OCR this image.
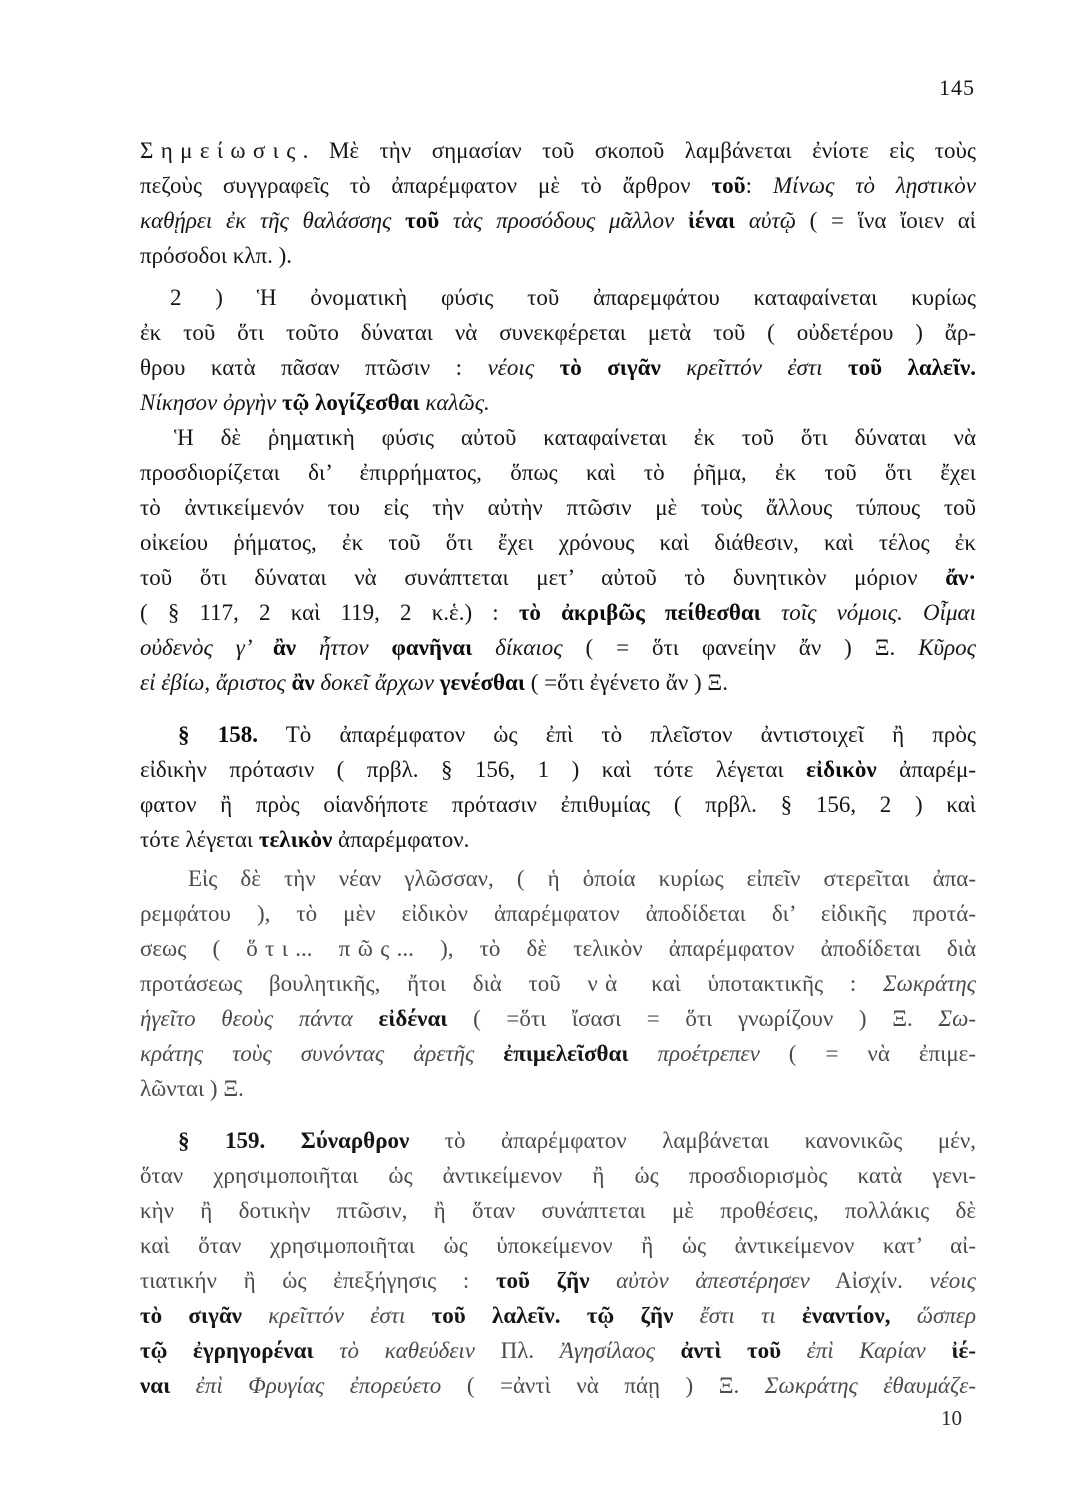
145
Σημείωσις. Μὲ τὴν σημασίαν τοῦ σκοποῦ λαμβάνεται ἐνίοτε εἰς τοὺς
πεζοὺς συγγραφεῖς τὸ ἀπαρέμφατον μὲ τὸ ἄρθρον τοῦ: Μίνως τὸ λῃστικὸν
καθῄρει ἐκ τῆς θαλάσσης τοῦ τὰς προσόδους μᾶλλον ἰέναι αὐτῷ ( = ἵνα ἴοιεν αἱ
πρόσοδοι κλπ. ).
2 ) Ἡ ὀνοματικὴ φύσις τοῦ ἀπαρεμφάτου καταφαίνεται κυρίως
ἐκ τοῦ ὅτι τοῦτο δύναται νὰ συνεκφέρεται μετὰ τοῦ ( οὐδετέρου ) ἄρ-
θρου κατὰ πᾶσαν πτῶσιν : νέοις τὸ σιγᾶν κρεῖττόν ἐστι τοῦ λαλεῖν.
Νίκησον ὀργὴν τῷ λογίζεσθαι καλῶς.
Ἡ δὲ ῥηματικὴ φύσις αὐτοῦ καταφαίνεται ἐκ τοῦ ὅτι δύναται νὰ
προσδιορίζεται δι’ ἐπιρρήματος, ὅπως καὶ τὸ ῥῆμα, ἐκ τοῦ ὅτι ἔχει
τὸ ἀντικείμενόν του εἰς τὴν αὐτὴν πτῶσιν μὲ τοὺς ἄλλους τύπους τοῦ
οἰκείου ῥήματος, ἐκ τοῦ ὅτι ἔχει χρόνους καὶ διάθεσιν, καὶ τέλος ἐκ
τοῦ ὅτι δύναται νὰ συνάπτεται μετ’ αὐτοῦ τὸ δυνητικὸν μόριον ἄν·
( § 117, 2 καὶ 119, 2 κ.ἑ.) : τὸ ἀκριβῶς πείθεσθαι τοῖς νόμοις. Οἶμαι
οὐδενὸς γ’ ἂν ἧττον φανῆναι δίκαιος ( = ὅτι φανείην ἄν ) Ξ. Κῦρος
εἰ ἐβίω, ἄριστος ἂν δοκεῖ ἄρχων γενέσθαι ( =ὅτι ἐγένετο ἄν ) Ξ.
§ 158. Τὸ ἀπαρέμφατον ὡς ἐπὶ τὸ πλεῖστον ἀντιστοιχεῖ ἢ πρὸς
εἰδικὴν πρότασιν ( πρβλ. § 156, 1 ) καὶ τότε λέγεται εἰδικὸν ἀπαρέμ-
φατον ἢ πρὸς οἱανδήποτε πρότασιν ἐπιθυμίας ( πρβλ. § 156, 2 ) καὶ
τότε λέγεται τελικὸν ἀπαρέμφατον.
Εἰς δὲ τὴν νέαν γλῶσσαν, ( ἡ ὁποία κυρίως εἰπεῖν στερεῖται ἀπα-
ρεμφάτου ), τὸ μὲν εἰδικὸν ἀπαρέμφατον ἀποδίδεται δι’ εἰδικῆς προτά-
σεως ( ὅτι... πῶς... ), τὸ δὲ τελικὸν ἀπαρέμφατον ἀποδίδεται διὰ
προτάσεως βουλητικῆς, ἤτοι διὰ τοῦ νὰ καὶ ὑποτακτικῆς : Σωκράτης
ἡγεῖτο θεοὺς πάντα εἰδέναι ( =ὅτι ἴσασι = ὅτι γνωρίζουν ) Ξ. Σω-
κράτης τοὺς συνόντας ἀρετῆς ἐπιμελεῖσθαι προέτρεπεν ( = νὰ ἐπιμε-
λῶνται ) Ξ.
§ 159. Σύναρθρον τὸ ἀπαρέμφατον λαμβάνεται κανονικῶς μέν,
ὅταν χρησιμοποιῆται ὡς ἀντικείμενον ἢ ὡς προσδιορισμὸς κατὰ γενι-
κὴν ἢ δοτικὴν πτῶσιν, ἢ ὅταν συνάπτεται μὲ προθέσεις, πολλάκις δὲ
καὶ ὅταν χρησιμοποιῆται ὡς ὑποκείμενον ἢ ὡς ἀντικείμενον κατ’ αἰ-
τιατικήν ἢ ὡς ἐπεξήγησις : τοῦ ζῆν αὐτὸν ἀπεστέρησεν Αἰσχίν. νέοις
τὸ σιγᾶν κρεῖττόν ἐστι τοῦ λαλεῖν. τῷ ζῆν ἔστι τι ἐναντίον, ὥσπερ
τῷ ἐγρηγορέναι τὸ καθεύδειν Πλ. Ἀγησίλαος ἀντὶ τοῦ ἐπὶ Καρίαν ἰέ-
ναι ἐπὶ Φρυγίας ἐπορεύετο ( =ἀντὶ νὰ πάῃ ) Ξ. Σωκράτης ἐθαυμάζε-
10
